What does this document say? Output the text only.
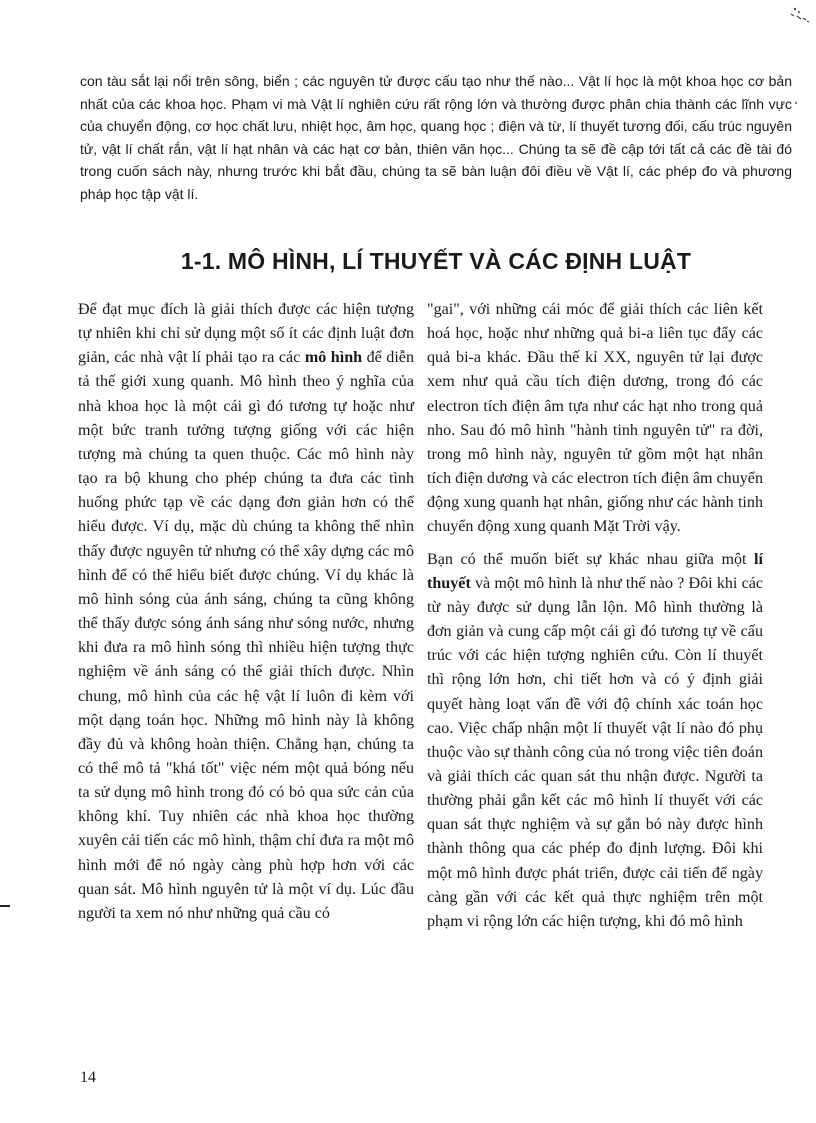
con tàu sắt lại nổi trên sông, biển ; các nguyên tử được cấu tạo như thế nào... Vật lí học là một khoa học cơ bản nhất của các khoa học. Phạm vi mà Vật lí nghiên cứu rất rộng lớn và thường được phân chia thành các lĩnh vực của chuyển động, cơ học chất lưu, nhiệt học, âm học, quang học ; điện và từ, lí thuyết tương đối, cấu trúc nguyên tử, vật lí chất rắn, vật lí hạt nhân và các hạt cơ bản, thiên văn học... Chúng ta sẽ đề cập tới tất cả các đề tài đó trong cuốn sách này, nhưng trước khi bắt đầu, chúng ta sẽ bàn luận đôi điều về Vật lí, các phép đo và phương pháp học tập vật lí.

1-1. MÔ HÌNH, LÍ THUYẾT VÀ CÁC ĐỊNH LUẬT

Để đạt mục đích là giải thích được các hiện tượng tự nhiên khi chỉ sử dụng một số ít các định luật đơn giản, các nhà vật lí phải tạo ra các mô hình để diễn tả thế giới xung quanh. Mô hình theo ý nghĩa của nhà khoa học là một cái gì đó tương tự hoặc như một bức tranh tưởng tượng giống với các hiện tượng mà chúng ta quen thuộc. Các mô hình này tạo ra bộ khung cho phép chúng ta đưa các tình huống phức tạp về các dạng đơn giản hơn có thể hiểu được. Ví dụ, mặc dù chúng ta không thể nhìn thấy được nguyên tử nhưng có thể xây dựng các mô hình để có thể hiểu biết được chúng. Ví dụ khác là mô hình sóng của ánh sáng, chúng ta cũng không thể thấy được sóng ánh sáng như sóng nước, nhưng khi đưa ra mô hình sóng thì nhiều hiện tượng thực nghiệm về ánh sáng có thể giải thích được. Nhìn chung, mô hình của các hệ vật lí luôn đi kèm với một dạng toán học. Những mô hình này là không đầy đủ và không hoàn thiện. Chẳng hạn, chúng ta có thể mô tả "khá tốt" việc ném một quả bóng nếu ta sử dụng mô hình trong đó có bỏ qua sức cản của không khí. Tuy nhiên các nhà khoa học thường xuyên cải tiến các mô hình, thậm chí đưa ra một mô hình mới để nó ngày càng phù hợp hơn với các quan sát. Mô hình nguyên tử là một ví dụ. Lúc đầu người ta xem nó như những quả cầu có

"gai", với những cái móc để giải thích các liên kết hoá học, hoặc như những quả bi-a liên tục đẩy các quả bi-a khác. Đầu thế kỉ XX, nguyên tử lại được xem như quả cầu tích điện dương, trong đó các electron tích điện âm tựa như các hạt nho trong quả nho. Sau đó mô hình "hành tinh nguyên tử" ra đời, trong mô hình này, nguyên tử gồm một hạt nhân tích điện dương và các electron tích điện âm chuyển động xung quanh hạt nhân, giống như các hành tinh chuyển động xung quanh Mặt Trời vậy.

Bạn có thể muốn biết sự khác nhau giữa một lí thuyết và một mô hình là như thế nào ? Đôi khi các từ này được sử dụng lẫn lộn. Mô hình thường là đơn giản và cung cấp một cái gì đó tương tự về cấu trúc với các hiện tượng nghiên cứu. Còn lí thuyết thì rộng lớn hơn, chi tiết hơn và có ý định giải quyết hàng loạt vấn đề với độ chính xác toán học cao. Việc chấp nhận một lí thuyết vật lí nào đó phụ thuộc vào sự thành công của nó trong việc tiên đoán và giải thích các quan sát thu nhận được. Người ta thường phải gắn kết các mô hình lí thuyết với các quan sát thực nghiệm và sự gắn bó này được hình thành thông qua các phép đo định lượng. Đôi khi một mô hình được phát triển, được cải tiến để ngày càng gần với các kết quả thực nghiệm trên một phạm vi rộng lớn các hiện tượng, khi đó mô hình

14
